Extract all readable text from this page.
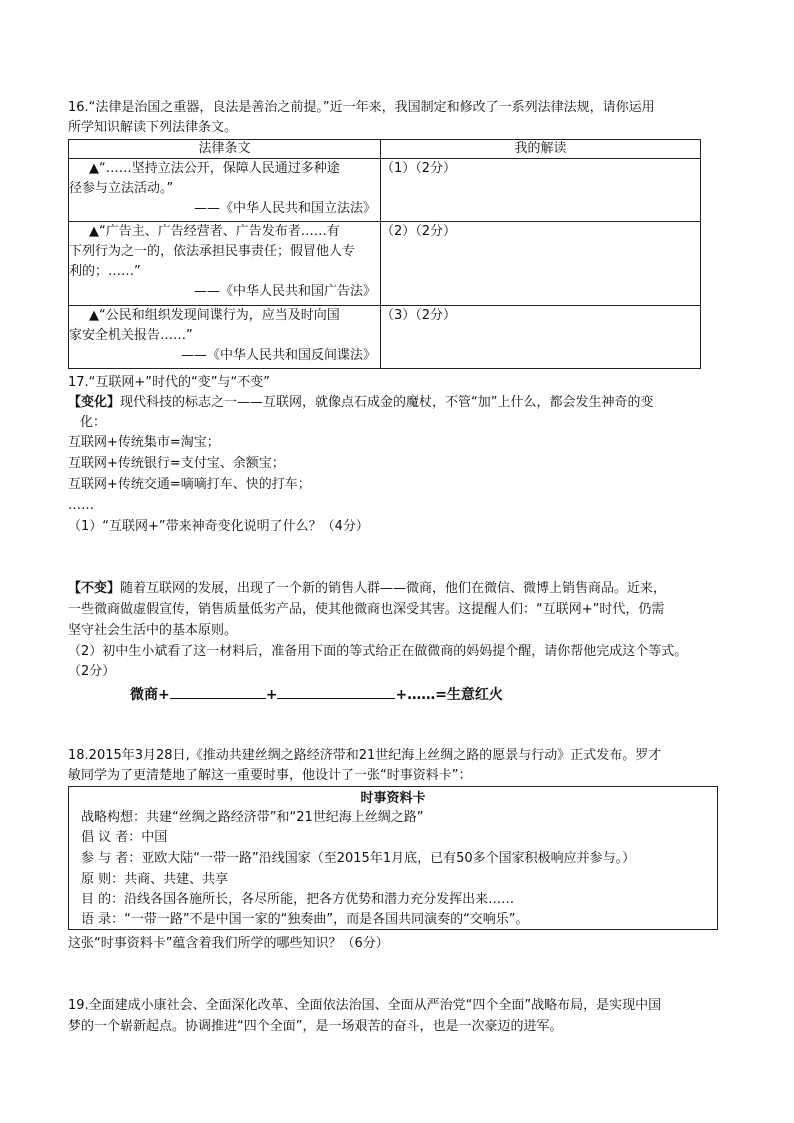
16.“法律是治国之重器，良法是善治之前提。”近一年来，我国制定和修改了一系列法律法规，请你运用
所学知识解读下列法律条文。
法律条文	我的解读

▲“……坚持立法公开，保障人民通过多种途
径参与立法活动。”
——《中华人民共和国立法法》	（1）（2分）

▲“广告主、广告经营者、广告发布者……有
下列行为之一的，依法承担民事责任；假冒他人专
利的；……”
——《中华人民共和国广告法》	（2）（2分）

▲“公民和组织发现间谍行为，应当及时向国
家安全机关报告……”
——《中华人民共和国反间谍法》	（3）（2分）
17.“互联网+”时代的“变”与“不变”
【变化】现代科技的标志之一——互联网，就像点石成金的魔杖，不管“加”上什么，都会发生神奇的变
化：
互联网+传统集市=淘宝；
互联网+传统银行=支付宝、余额宝；
互联网+传统交通=嘀嘀打车、快的打车；
……
（1）“互联网+”带来神奇变化说明了什么？（4分）
【不变】随着互联网的发展，出现了一个新的销售人群——微商，他们在微信、微博上销售商品。近来，
一些微商做虚假宣传，销售质量低劣产品，使其他微商也深受其害。这提醒人们：“互联网+”时代，仍需
坚守社会生活中的基本原则。
（2）初中生小斌看了这一材料后，准备用下面的等式给正在做微商的妈妈提个醒，请你帮他完成这个等式。
（2分）
微商+	+	+……=生意红火
18.2015年3月28日,《推动共建丝绸之路经济带和21世纪海上丝绸之路的愿景与行动》正式发布。罗才
敏同学为了更清楚地了解这一重要时事，他设计了一张“时事资料卡”：
时事资料卡
战略构想：共建“丝绸之路经济带”和“21世纪海上丝绸之路”
倡 议 者：中国
参 与 者：亚欧大陆“一带一路”沿线国家（至2015年1月底，已有50多个国家积极响应并参与。）
原 则：共商、共建、共享
目 的：沿线各国各施所长，各尽所能，把各方优势和潜力充分发挥出来……
语 录：“一带一路”不是中国一家的“独奏曲”，而是各国共同演奏的“交响乐”。
这张“时事资料卡”蕴含着我们所学的哪些知识？（6分）
19.全面建成小康社会、全面深化改革、全面依法治国、全面从严治党“四个全面”战略布局，是实现中国
梦的一个崭新起点。协调推进“四个全面”，是一场艰苦的奋斗，也是一次豪迈的进军。
